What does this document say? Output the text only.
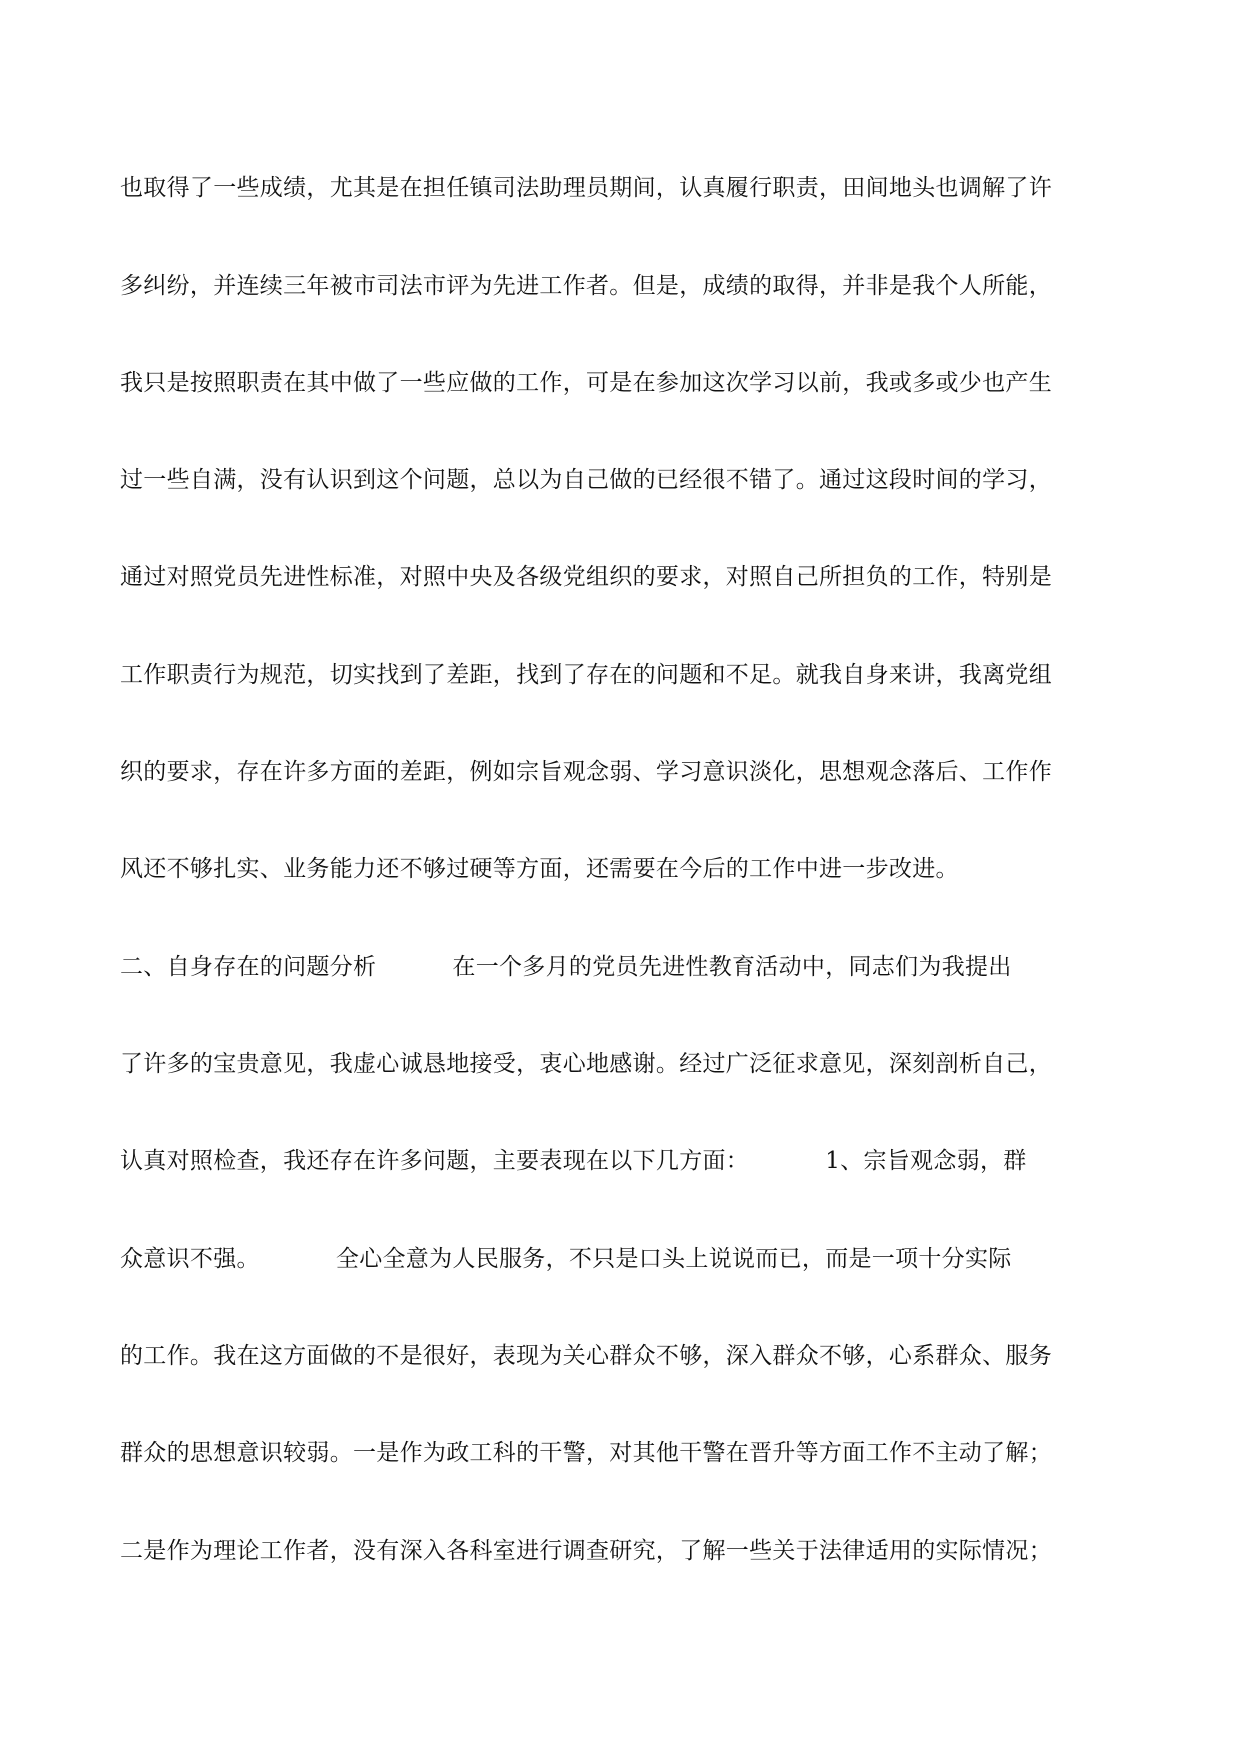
也取得了一些成绩，尤其是在担任镇司法助理员期间，认真履行职责，田间地头也调解了许

多纠纷，并连续三年被市司法市评为先进工作者。但是，成绩的取得，并非是我个人所能，

我只是按照职责在其中做了一些应做的工作，可是在参加这次学习以前，我或多或少也产生

过一些自满，没有认识到这个问题，总以为自己做的已经很不错了。通过这段时间的学习，

通过对照党员先进性标准，对照中央及各级党组织的要求，对照自己所担负的工作，特别是

工作职责行为规范，切实找到了差距，找到了存在的问题和不足。就我自身来讲，我离党组

织的要求，存在许多方面的差距，例如宗旨观念弱、学习意识淡化，思想观念落后、工作作

风还不够扎实、业务能力还不够过硬等方面，还需要在今后的工作中进一步改进。

二、自身存在的问题分析          在一个多月的党员先进性教育活动中，同志们为我提出

了许多的宝贵意见，我虚心诚恳地接受，衷心地感谢。经过广泛征求意见，深刻剖析自己，

认真对照检查，我还存在许多问题，主要表现在以下几方面：          1、宗旨观念弱，群

众意识不强。          全心全意为人民服务，不只是口头上说说而已，而是一项十分实际

的工作。我在这方面做的不是很好，表现为关心群众不够，深入群众不够，心系群众、服务

群众的思想意识较弱。一是作为政工科的干警，对其他干警在晋升等方面工作不主动了解；

二是作为理论工作者，没有深入各科室进行调查研究，了解一些关于法律适用的实际情况；
